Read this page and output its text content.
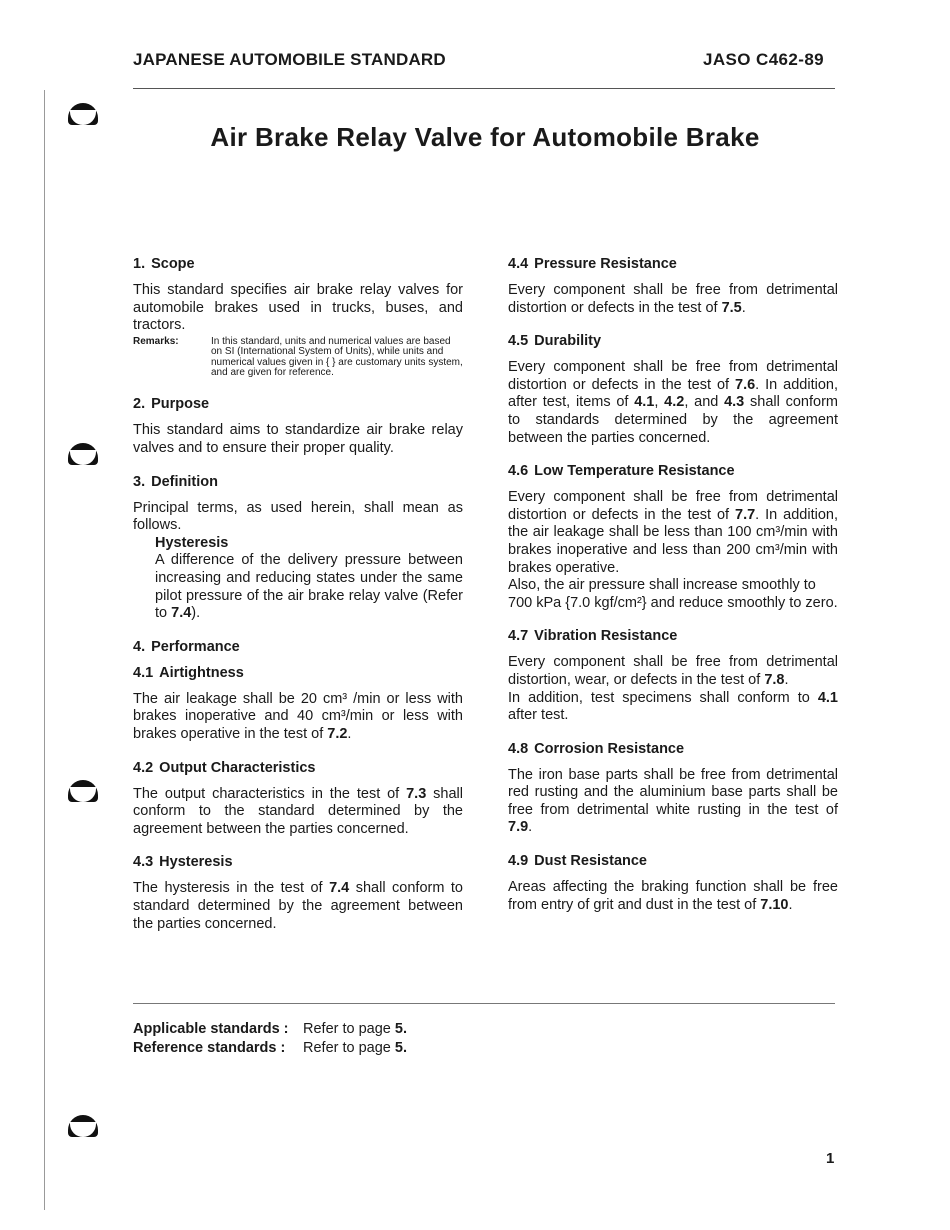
JAPANESE AUTOMOBILE STANDARD	JASO C462-89
Air Brake Relay Valve for Automobile Brake
1. Scope

This standard specifies air brake relay valves for automobile brakes used in trucks, buses, and tractors.

Remarks:	In this standard, units and numerical values are based on SI (International System of Units), while units and numerical values given in { } are customary units system, and are given for reference.
2. Purpose

This standard aims to standardize air brake relay valves and to ensure their proper quality.

3. Definition

Principal terms, as used herein, shall mean as follows.

Hysteresis

A difference of the delivery pressure between increasing and reducing states under the same pilot pressure of the air brake relay valve (Refer to 7.4).

4. Performance
4.1 Airtightness

The air leakage shall be 20 cm³ /min or less with brakes inoperative and 40 cm³/min or less with brakes operative in the test of 7.2.

4.2 Output Characteristics

The output characteristics in the test of 7.3 shall conform to the standard determined by the agreement between the parties concerned.

4.3 Hysteresis

The hysteresis in the test of 7.4 shall conform to standard determined by the agreement between the parties concerned.

4.4 Pressure Resistance

Every component shall be free from detrimental distortion or defects in the test of 7.5.

4.5 Durability

Every component shall be free from detrimental distortion or defects in the test of 7.6. In addition, after test, items of 4.1, 4.2, and 4.3 shall conform to standards determined by the agreement between the parties concerned.

4.6 Low Temperature Resistance

Every component shall be free from detrimental distortion or defects in the test of 7.7. In addition, the air leakage shall be less than 100 cm³/min with brakes inoperative and less than 200 cm³/min with brakes operative.

Also, the air pressure shall increase smoothly to 700 kPa {7.0 kgf/cm²} and reduce smoothly to zero.

4.7 Vibration Resistance

Every component shall be free from detrimental distortion, wear, or defects in the test of 7.8.

In addition, test specimens shall conform to 4.1 after test.

4.8 Corrosion Resistance

The iron base parts shall be free from detrimental red rusting and the aluminium base parts shall be free from detrimental white rusting in the test of 7.9.

4.9 Dust Resistance

Areas affecting the braking function shall be free from entry of grit and dust in the test of 7.10.

Applicable standards : Refer to page 5.
Reference standards : Refer to page 5.
1
